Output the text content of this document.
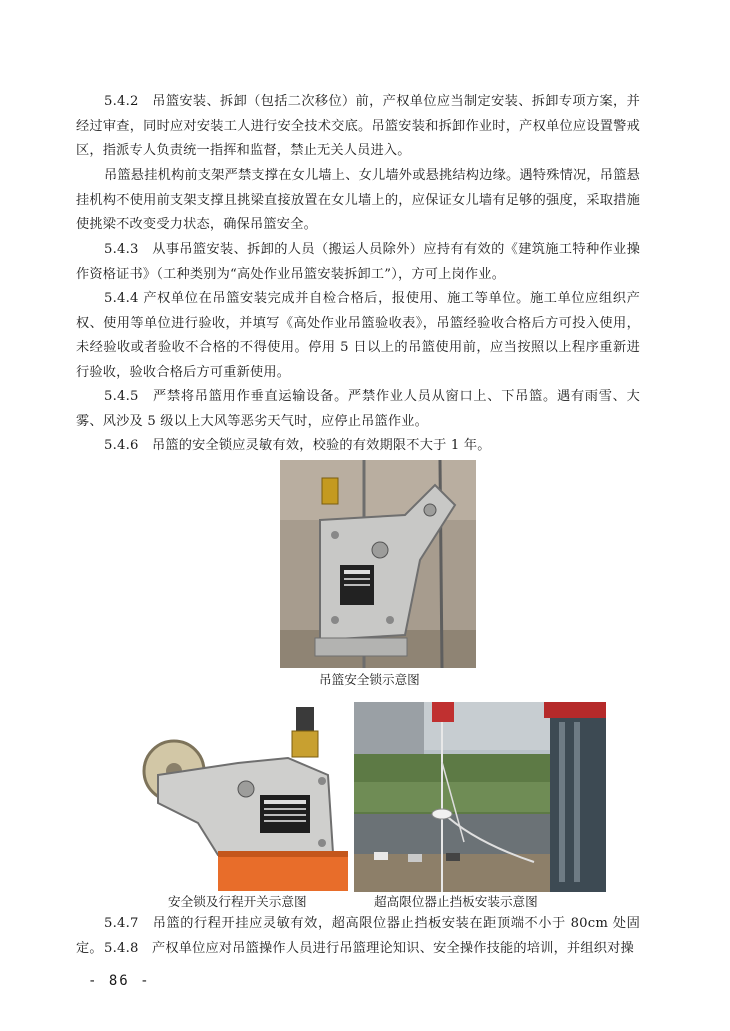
5.4.2　吊篮安装、拆卸（包括二次移位）前，产权单位应当制定安装、拆卸专项方案，并经过审查，同时应对安装工人进行安全技术交底。吊篮安装和拆卸作业时，产权单位应设置警戒区，指派专人负责统一指挥和监督，禁止无关人员进入。
吊篮悬挂机构前支架严禁支撑在女儿墙上、女儿墙外或悬挑结构边缘。遇特殊情况，吊篮悬挂机构不使用前支架支撑且挑梁直接放置在女儿墙上的，应保证女儿墙有足够的强度，采取措施使挑梁不改变受力状态，确保吊篮安全。
5.4.3　从事吊篮安装、拆卸的人员（搬运人员除外）应持有有效的《建筑施工特种作业操作资格证书》（工种类别为“高处作业吊篮安装拆卸工”），方可上岗作业。
5.4.4 产权单位在吊篮安装完成并自检合格后，报使用、施工等单位。施工单位应组织产权、使用等单位进行验收，并填写《高处作业吊篮验收表》，吊篮经验收合格后方可投入使用，未经验收或者验收不合格的不得使用。停用 5 日以上的吊篮使用前，应当按照以上程序重新进行验收，验收合格后方可重新使用。
5.4.5　严禁将吊篮用作垂直运输设备。严禁作业人员从窗口上、下吊篮。遇有雨雪、大雾、风沙及 5 级以上大风等恶劣天气时，应停止吊篮作业。
5.4.6　吊篮的安全锁应灵敏有效，校验的有效期限不大于 1 年。
吊篮安全锁示意图
安全锁及行程开关示意图	超高限位器止挡板安装示意图
5.4.7　吊篮的行程开挂应灵敏有效，超高限位器止挡板安装在距顶端不小于 80cm 处固定。 5.4.8　产权单位应对吊篮操作人员进行吊篮理论知识、安全操作技能的培训，并组织对操
- 86 -
